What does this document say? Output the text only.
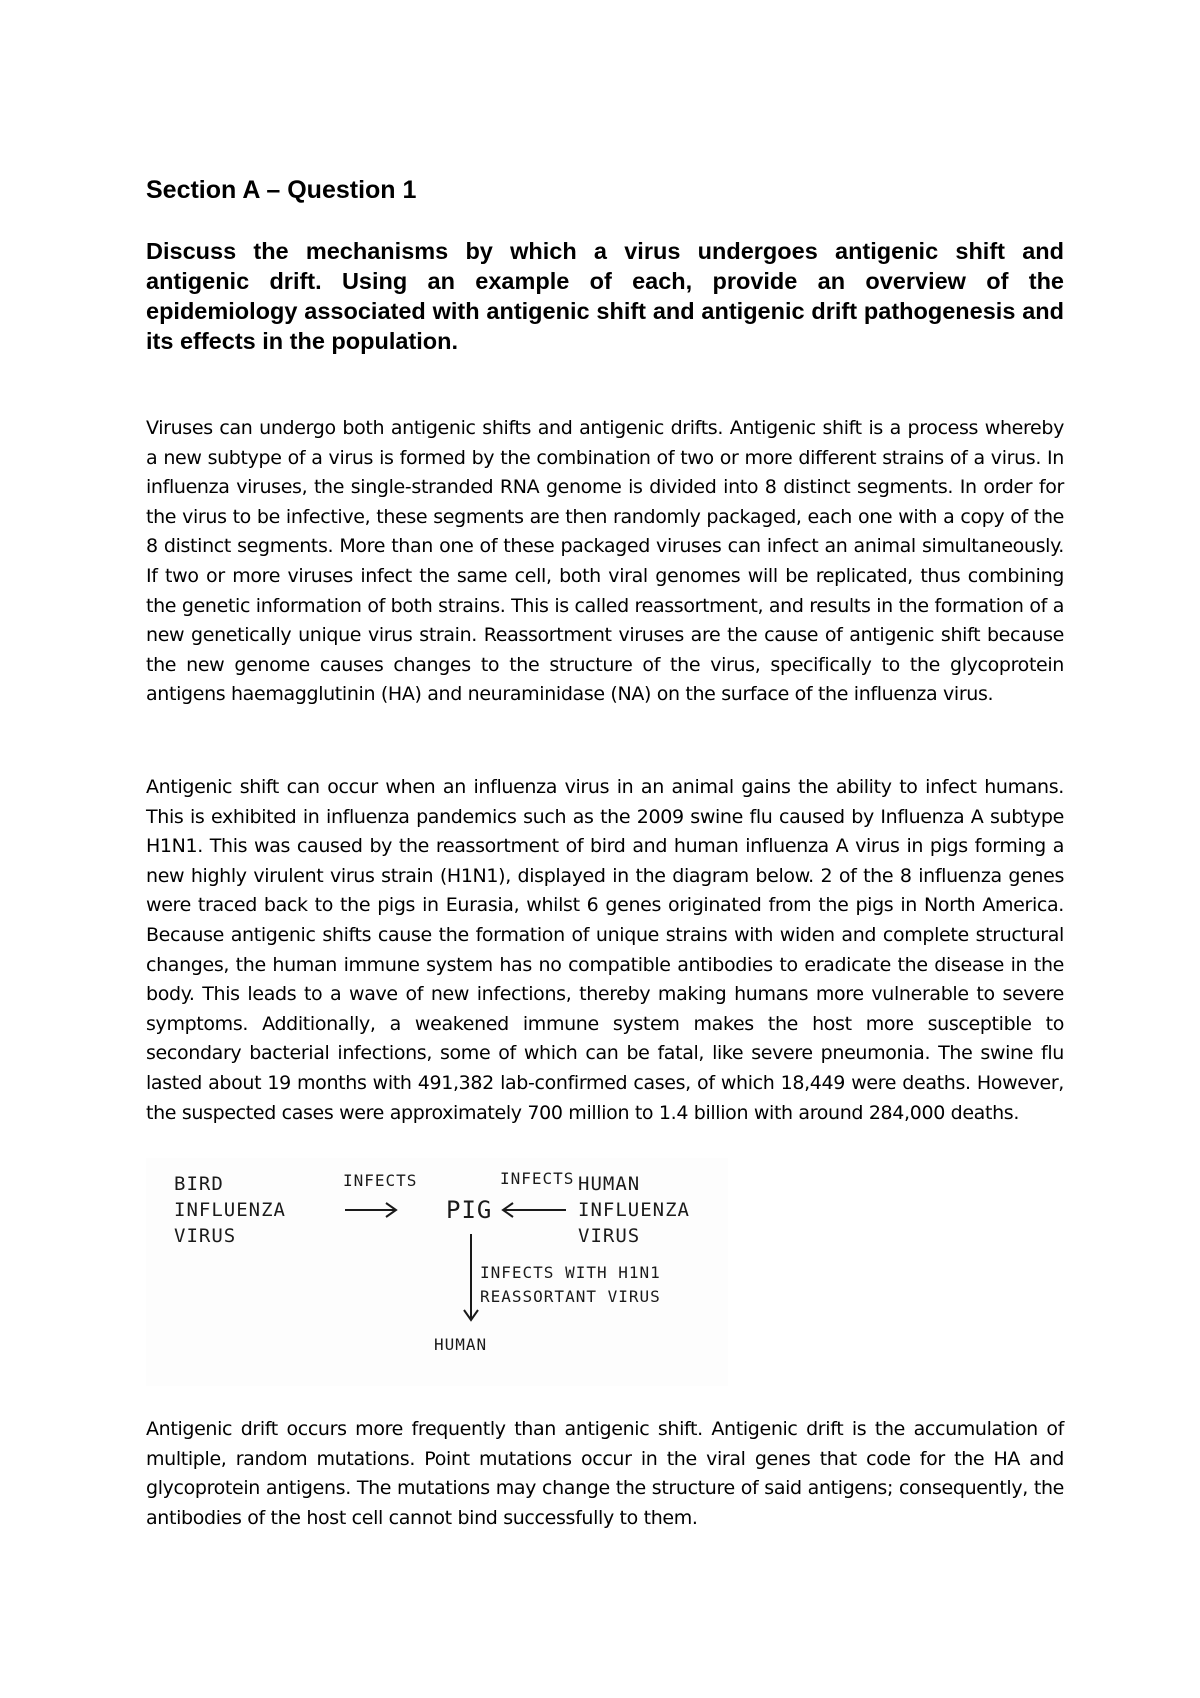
Section A – Question 1

Discuss the mechanisms by which a virus undergoes antigenic shift and antigenic drift. Using an example of each, provide an overview of the epidemiology associated with antigenic shift and antigenic drift pathogenesis and its effects in the population.

Viruses can undergo both antigenic shifts and antigenic drifts. Antigenic shift is a process whereby a new subtype of a virus is formed by the combination of two or more different strains of a virus. In influenza viruses, the single-stranded RNA genome is divided into 8 distinct segments. In order for the virus to be infective, these segments are then randomly packaged, each one with a copy of the 8 distinct segments. More than one of these packaged viruses can infect an animal simultaneously. If two or more viruses infect the same cell, both viral genomes will be replicated, thus combining the genetic information of both strains. This is called reassortment, and results in the formation of a new genetically unique virus strain. Reassortment viruses are the cause of antigenic shift because the new genome causes changes to the structure of the virus, specifically to the glycoprotein antigens haemagglutinin (HA) and neuraminidase (NA) on the surface of the influenza virus.

Antigenic shift can occur when an influenza virus in an animal gains the ability to infect humans. This is exhibited in influenza pandemics such as the 2009 swine flu caused by Influenza A subtype H1N1. This was caused by the reassortment of bird and human influenza A virus in pigs forming a new highly virulent virus strain (H1N1), displayed in the diagram below. 2 of the 8 influenza genes were traced back to the pigs in Eurasia, whilst 6 genes originated from the pigs in North America. Because antigenic shifts cause the formation of unique strains with widen and complete structural changes, the human immune system has no compatible antibodies to eradicate the disease in the body. This leads to a wave of new infections, thereby making humans more vulnerable to severe symptoms. Additionally, a weakened immune system makes the host more susceptible to secondary bacterial infections, some of which can be fatal, like severe pneumonia. The swine flu lasted about 19 months with 491,382 lab-confirmed cases, of which 18,449 were deaths. However, the suspected cases were approximately 700 million to 1.4 billion with around 284,000 deaths.

BIRD
INFLUENZA
VIRUS
INFECTS
PIG
INFECTS HUMAN
INFLUENZA
VIRUS
INFECTS WITH H1N1
REASSORTANT VIRUS
HUMAN

Antigenic drift occurs more frequently than antigenic shift. Antigenic drift is the accumulation of multiple, random mutations. Point mutations occur in the viral genes that code for the HA and glycoprotein antigens. The mutations may change the structure of said antigens; consequently, the antibodies of the host cell cannot bind successfully to them.
